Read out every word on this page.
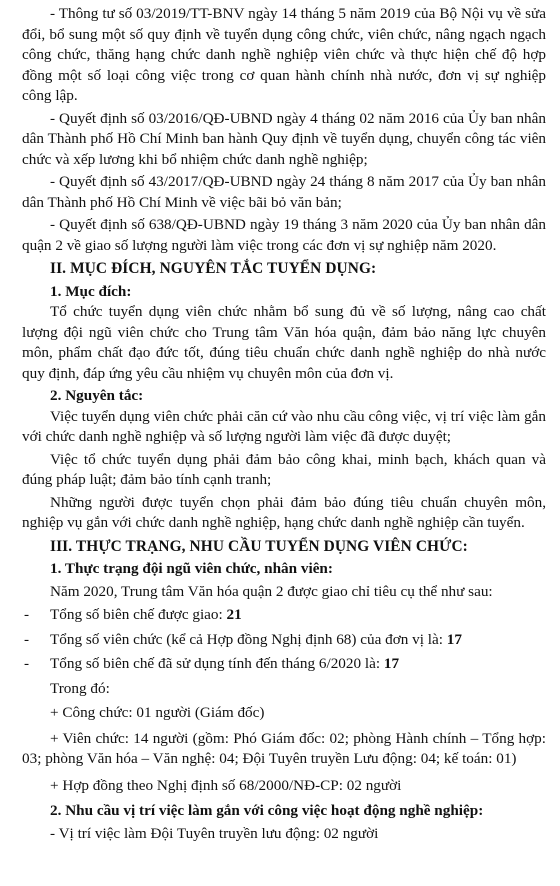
- Thông tư số 03/2019/TT-BNV ngày 14 tháng 5 năm 2019 của Bộ Nội vụ về sửa đổi, bổ sung một số quy định về tuyển dụng công chức, viên chức, nâng ngạch ngạch công chức, thăng hạng chức danh nghề nghiệp viên chức và thực hiện chế độ hợp đồng một số loại công việc trong cơ quan hành chính nhà nước, đơn vị sự nghiệp công lập.

- Quyết định số 03/2016/QĐ-UBND ngày 4 tháng 02 năm 2016 của Ủy ban nhân dân Thành phố Hồ Chí Minh ban hành Quy định về tuyển dụng, chuyển công tác viên chức và xếp lương khi bổ nhiệm chức danh nghề nghiệp;

- Quyết định số 43/2017/QĐ-UBND ngày 24 tháng 8 năm 2017 của Ủy ban nhân dân Thành phố Hồ Chí Minh về việc bãi bỏ văn bản;

- Quyết định số 638/QĐ-UBND ngày 19 tháng 3 năm 2020 của Ủy ban nhân dân quận 2 về giao số lượng người làm việc trong các đơn vị sự nghiệp năm 2020.

II. MỤC ĐÍCH, NGUYÊN TẮC TUYỂN DỤNG:
1. Mục đích:

Tổ chức tuyển dụng viên chức nhằm bổ sung đủ về số lượng, nâng cao chất lượng đội ngũ viên chức cho Trung tâm Văn hóa quận, đảm bảo năng lực chuyên môn, phẩm chất đạo đức tốt, đúng tiêu chuẩn chức danh nghề nghiệp do nhà nước quy định, đáp ứng yêu cầu nhiệm vụ chuyên môn của đơn vị.

2. Nguyên tắc:

Việc tuyển dụng viên chức phải căn cứ vào nhu cầu công việc, vị trí việc làm gắn với chức danh nghề nghiệp và số lượng người làm việc đã được duyệt;

Việc tổ chức tuyển dụng phải đảm bảo công khai, minh bạch, khách quan và đúng pháp luật; đảm bảo tính cạnh tranh;

Những người được tuyển chọn phải đảm bảo đúng tiêu chuẩn chuyên môn, nghiệp vụ gắn với chức danh nghề nghiệp, hạng chức danh nghề nghiệp cần tuyển.

III. THỰC TRẠNG, NHU CẦU TUYỂN DỤNG VIÊN CHỨC:
1. Thực trạng đội ngũ viên chức, nhân viên:

Năm 2020, Trung tâm Văn hóa quận 2 được giao chỉ tiêu cụ thể như sau:

-	Tổng số biên chế được giao: 21
-	Tổng số viên chức (kể cả Hợp đồng Nghị định 68) của đơn vị là: 17
-	Tổng số biên chế đã sử dụng tính đến tháng 6/2020 là: 17

Trong đó:

+ Công chức: 01 người (Giám đốc)

+ Viên chức: 14 người (gồm: Phó Giám đốc: 02; phòng Hành chính – Tổng hợp: 03; phòng Văn hóa – Văn nghệ: 04; Đội Tuyên truyền Lưu động: 04; kế toán: 01)

+ Hợp đồng theo Nghị định số 68/2000/NĐ-CP: 02 người

2. Nhu cầu vị trí việc làm gắn với công việc hoạt động nghề nghiệp:

- Vị trí việc làm Đội Tuyên truyền lưu động: 02 người
